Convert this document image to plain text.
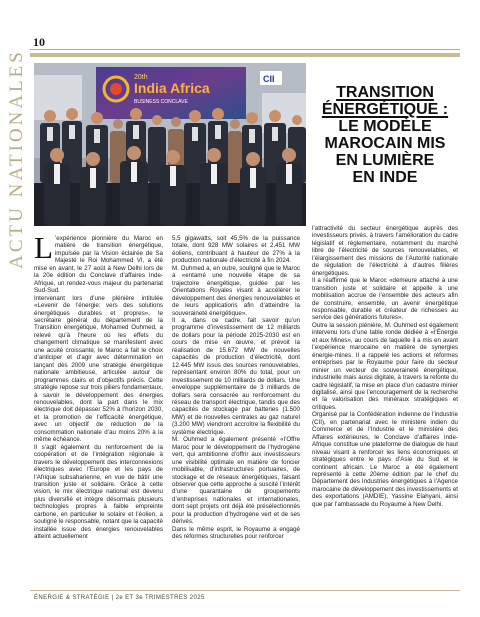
10
ACTU NATIONALES	20th
India Africa
BUSINESS CONCLAVE
CII
TRANSITION
ÉNERGÉTIQUE :
LE MODÈLE
MAROCAIN MIS
EN LUMIÈRE
EN INDE

L ’expérience pionnière du Maroc en matière de transition énergétique, impulsée par la Vision éclairée de Sa Majesté le Roi Mohammed VI, a été mise en avant, le 27 août à New Delhi lors de la 20e édition du Conclave d’affaires Inde-Afrique, un rendez-vous majeur du partenariat Sud-Sud.

Intervenant lors d’une plénière intitulée «Levenir de l’énergie: vers des solutions énergétiques durables et propres», le secrétaire général du département de la Transition énergétique, Mohamed Ouhmed, a relevé qu’à l’heure où les effets du changement climatique se manifestent avec une acuité croissante, le Maroc a fait le choix d’anticiper et d’agir avec détermination en lançant dès 2009 une stratégie énergétique nationale ambitieuse, articulée autour de programmes clairs et d’objectifs précis. Cette stratégie repose sur trois piliers fondamentaux, à savoir le développement des énergies renouvelables, dont la part dans le mix électrique doit dépasser 52% à l’horizon 2030, et la promotion de l’efficacité énergétique, avec un objectif de réduction de la consommation nationale d’au moins 20% à la même échéance.

Il s’agit également du renforcement de la coopération et de l’intégration régionale à travers le développement des interconnexions électriques avec l’Europe et les pays de l’Afrique subsaharienne, en vue de bâtir une transition juste et solidaire. Grâce à cette vision, le mix électrique national est devenu plus diversifié et intègre désormais plusieurs technologies propres à faible empreinte carbone, en particulier le solaire et l’éolien, a souligné le responsable, notant que la capacité installée issue des énergies renouvelables atteint actuellement

5,5 gigawatts, soit 45,5% de la puissance totale, dont 928 MW solaires et 2,451 MW éoliens, contribuant à hauteur de 27% à la production nationale d’électricité à fin 2024.

M. Ouhmed a, en outre, souligné que le Maroc a «entamé une nouvelle étape de sa trajectoire énergétique, guidée par les Orientations Royales visant à accélérer le développement des énergies renouvelables et de leurs applications afin d’atteindre la souveraineté énergétique».

Il a, dans ce cadre, fait savoir qu’un programme d’investissement de 12 milliards de dollars pour la période 2025-2030 est en cours de mise en œuvre, et prévoit la réalisation de 15.672 MW de nouvelles capacités de production d’électricité, dont 12.445 MW issus des sources renouvelables, représentant environ 80% du total, pour un investissement de 10 milliards de dollars. Une enveloppe supplémentaire de 3 milliards de dollars sera consacrée au renforcement du réseau de transport électrique, tandis que des capacités de stockage par batteries (1.500 MW) et de nouvelles centrales au gaz naturel (3.200 MW) viendront accroître la flexibilité du système électrique.

M. Ouhmed a également présenté «l’Offre Maroc pour le développement de l’hydrogène vert, qui ambitionne d’offrir aux investisseurs une visibilité optimale en matière de foncier mobilisable, d’infrastructures portuaires, de stockage et de réseaux énergétiques, faisant observer que cette approche a suscité l’intérêt d’une quarantaine de groupements d’entreprises nationales et internationales, dont sept projets ont déjà été présélectionnés pour la production d’hydrogène vert et de ses dérivés.

Dans le même esprit, le Royaume a engagé des réformes structurelles pour renforcer

l’attractivité du secteur énergétique auprès des investisseurs privés, à travers l’amélioration du cadre législatif et réglementaire, notamment du marché libre de l’électricité de sources renouvelables, et l’élargissement des missions de l’Autorité nationale de régulation de l’électricité à d’autres filières énergétiques.

Il a réaffirmé que le Maroc «demeure attaché à une transition juste et solidaire et appelle à une mobilisation accrue de l’ensemble des acteurs afin de construire, ensemble, un avenir énergétique responsable, durable et créateur de richesses au service des générations futures».

Outre la session plénière, M. Ouhmed est également intervenu lors d’une table ronde dédiée à «l’Énergie et aux Mines», au cours de laquelle il a mis en avant l’expérience marocaine en matière de synergies énergie-mines. Il a rappelé les actions et réformes entreprises par le Royaume pour faire du secteur minier un vecteur de souveraineté énergétique, industrielle mais aussi digitale, à travers la refonte du cadre législatif, la mise en place d’un cadastre minier digitalisé, ainsi que l’encouragement de la recherche et la valorisation des minéraux stratégiques et critiques.

Organisé par la Confédération indienne de l’industrie (CII), en partenariat avec le ministère indien du Commerce et de l’Industrie et le ministère des Affaires extérieures, le Conclave d’affaires Inde-Afrique constitue une plateforme de dialogue de haut niveau visant à renforcer les liens économiques et stratégiques entre le pays d’Asie du Sud et le continent africain. Le Maroc a été également représenté à cette 20ème édition par le chef du Département des Industries énergétiques à l’Agence marocaine de développement des investissements et des exportations (AMDIE), Yassine Elahyani, ainsi que par l’ambassade du Royaume à New Delhi.

ÉNERGIE & STRATÉGIE | 2e ET 3e TRIMESTRES 2025
